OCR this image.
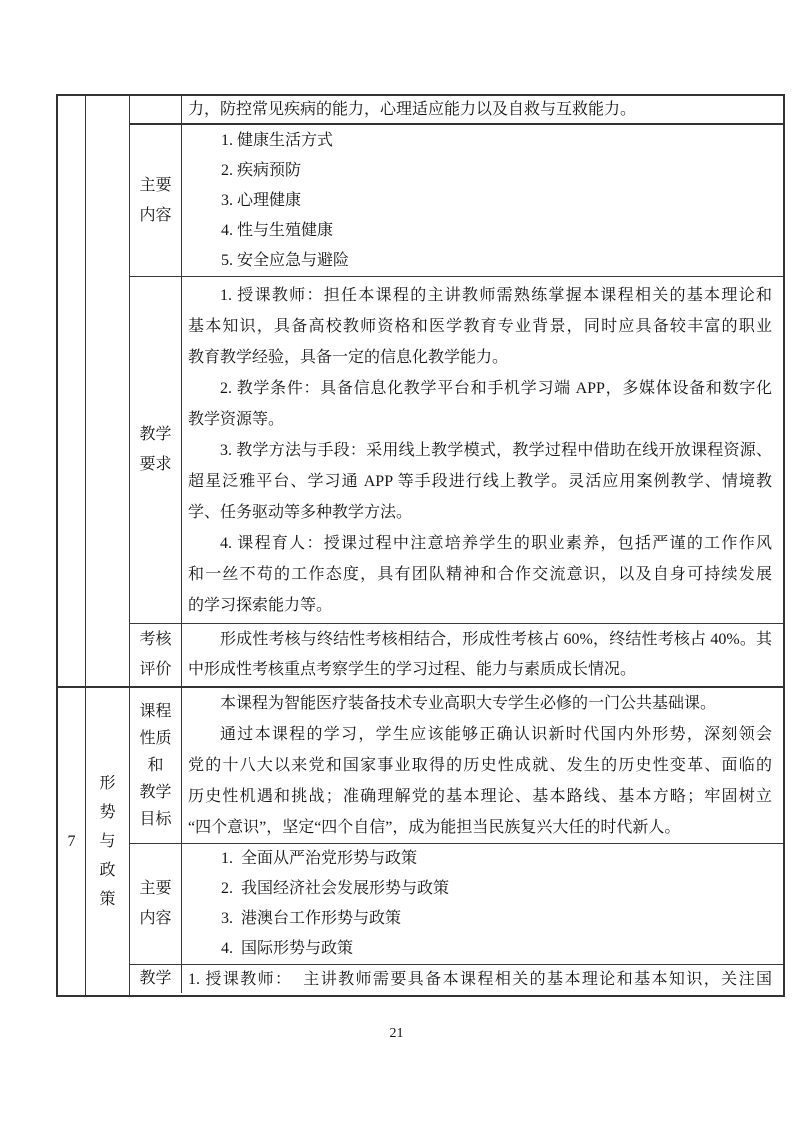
力，防控常见疾病的能力，心理适应能力以及自救与互救能力。
主要
内容
1. 健康生活方式
2. 疾病预防
3. 心理健康
4. 性与生殖健康
5. 安全应急与避险
教学
要求
1. 授课教师：担任本课程的主讲教师需熟练掌握本课程相关的基本理论和
基本知识，具备高校教师资格和医学教育专业背景，同时应具备较丰富的职业
教育教学经验，具备一定的信息化教学能力。
2. 教学条件：具备信息化教学平台和手机学习端 APP，多媒体设备和数字化
教学资源等。
3. 教学方法与手段：采用线上教学模式，教学过程中借助在线开放课程资源、
超星泛雅平台、学习通 APP 等手段进行线上教学。灵活应用案例教学、情境教
学、任务驱动等多种教学方法。
4. 课程育人：授课过程中注意培养学生的职业素养，包括严谨的工作作风
和一丝不苟的工作态度，具有团队精神和合作交流意识，以及自身可持续发展
的学习探索能力等。
考核
评价
形成性考核与终结性考核相结合，形成性考核占 60%，终结性考核占 40%。其
中形成性考核重点考察学生的学习过程、能力与素质成长情况。
7
形
势
与
政
策
课程
性质
和
教学
目标
本课程为智能医疗装备技术专业高职大专学生必修的一门公共基础课。
通过本课程的学习，学生应该能够正确认识新时代国内外形势，深刻领会
党的十八大以来党和国家事业取得的历史性成就、发生的历史性变革、面临的
历史性机遇和挑战；准确理解党的基本理论、基本路线、基本方略；牢固树立
“四个意识”，坚定“四个自信”，成为能担当民族复兴大任的时代新人。
主要
内容
1.  全面从严治党形势与政策
2.  我国经济社会发展形势与政策
3.  港澳台工作形势与政策
4.  国际形势与政策
教学 1. 授课教师：  主讲教师需要具备本课程相关的基本理论和基本知识，关注国
21
